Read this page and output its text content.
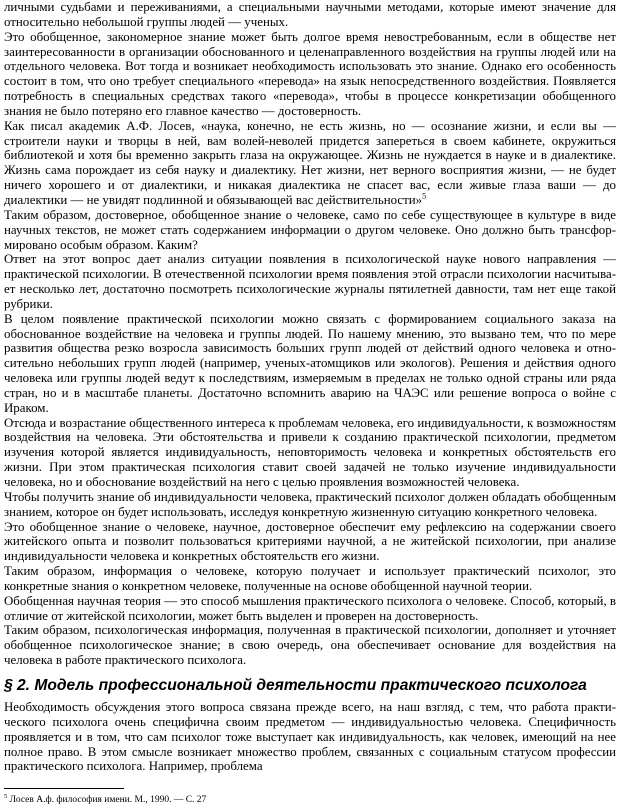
личными судьбами и переживаниями, а специальными научными методами, которые имеют значение для относительно небольшой группы людей — ученых.

Это обобщенное, закономерное знание может быть долгое время невостребованным, если в обществе нет заинтересованности в организации обоснованного и целенаправленного воздействия на группы людей или на отдельного человека. Вот тогда и возникает необходимость использовать это знание. Однако его особенность состоит в том, что оно требует специального «перевода» на язык непосредственного воздействия. Появляется потребность в специальных средствах такого «перевода», чтобы в процессе конкретизации обобщенного знания не было потеряно его главное качество — достоверность.

Как писал академик А.Ф. Лосев, «наука, конечно, не есть жизнь, но — осознание жизни, и если вы — строители науки и творцы в ней, вам волей-неволей придется запереться в своем кабинете, окружиться библиотекой и хотя бы временно закрыть глаза на окружающее. Жизнь не нуждается в науке и в диалектике. Жизнь сама порождает из себя науку и диалектику. Нет жизни, нет верного восприятия жизни, — не будет ничего хорошего и от диалектики, и никакая диалектика не спасет вас, если живые глаза ваши — до диалектики — не увидят подлинной и обязывающей вас действительности»$^5$

Таким образом, достоверное, обобщенное знание о человеке, само по себе существующее в культуре в виде научных текстов, не может стать содержанием информации о другом человеке. Оно должно быть трансфор-мировано особым образом. Каким?

Ответ на этот вопрос дает анализ ситуации появления в психологической науке нового направления — практической психологии. В отечественной психологии время появления этой отрасли психологии насчитыва-ет несколько лет, достаточно посмотреть психологические журналы пятилетней давности, там нет еще такой рубрики.

В целом появление практической психологии можно связать с формированием социального заказа на обоснованное воздействие на человека и группы людей. По нашему мнению, это вызвано тем, что по мере развития общества резко возросла зависимость больших групп людей от действий одного человека и отно-сительно небольших групп людей (например, ученых-атомщиков или экологов). Решения и действия одного человека или группы людей ведут к последствиям, измеряемым в пределах не только одной страны или ряда стран, но и в масштабе планеты. Достаточно вспомнить аварию на ЧАЭС или решение вопроса о войне с Ираком.

Отсюда и возрастание общественного интереса к проблемам человека, его индивидуальности, к возможностям воздействия на человека. Эти обстоятельства и привели к созданию практической психологии, предметом изучения которой является индивидуальность, неповторимость человека и конкретных обстоятельств его жизни. При этом практическая психология ставит своей задачей не только изучение индивидуальности человека, но и обоснование воздействий на него с целью проявления возможностей человека.

Чтобы получить знание об индивидуальности человека, практический психолог должен обладать обобщенным знанием, которое он будет использовать, исследуя конкретную жизненную ситуацию конкретного человека.

Это обобщенное знание о человеке, научное, достоверное обеспечит ему рефлексию на содержании своего житейского опыта и позволит пользоваться критериями научной, а не житейской психологии, при анализе индивидуальности человека и конкретных обстоятельств его жизни.

Таким образом, информация о человеке, которую получает и использует практический психолог, это конкретные знания о конкретном человеке, полученные на основе обобщенной научной теории.

Обобщенная научная теория — это способ мышления практического психолога о человеке. Способ, который, в отличие от житейской психологии, может быть выделен и проверен на достоверность.

Таким образом, психологическая информация, полученная в практической психологии, дополняет и уточняет обобщенное психологическое знание; в свою очередь, она обеспечивает основание для воздействия на человека в работе практического психолога.

§ 2. Модель профессиональной деятельности практического психолога

Необходимость обсуждения этого вопроса связана прежде всего, на наш взгляд, с тем, что работа практи-ческого психолога очень специфична своим предметом — индивидуальностью человека. Специфичность проявляется и в том, что сам психолог тоже выступает как индивидуальность, как человек, имеющий на нее полное право. В этом смысле возникает множество проблем, связанных с социальным статусом профессии практического психолога. Например, проблема

$^5$ Лосев А.ф. философия имени. М., 1990. — С. 27
